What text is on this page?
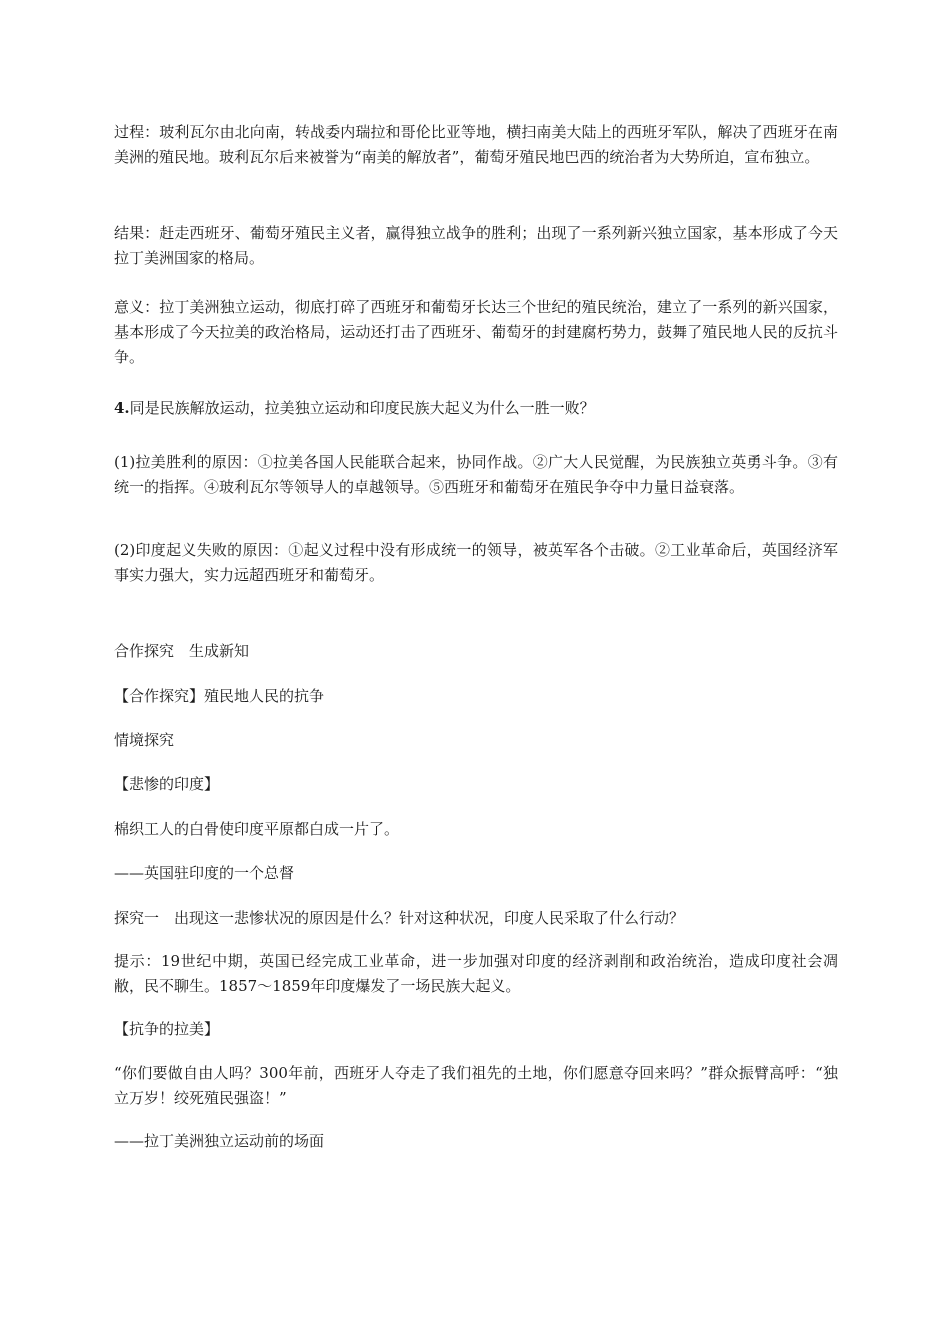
过程：玻利瓦尔由北向南，转战委内瑞拉和哥伦比亚等地，横扫南美大陆上的西班牙军队，解决了西班牙在南美洲的殖民地。玻利瓦尔后来被誉为“南美的解放者”，葡萄牙殖民地巴西的统治者为大势所迫，宣布独立。

结果：赶走西班牙、葡萄牙殖民主义者，赢得独立战争的胜利；出现了一系列新兴独立国家，基本形成了今天拉丁美洲国家的格局。

意义：拉丁美洲独立运动，彻底打碎了西班牙和葡萄牙长达三个世纪的殖民统治，建立了一系列的新兴国家，基本形成了今天拉美的政治格局，运动还打击了西班牙、葡萄牙的封建腐朽势力，鼓舞了殖民地人民的反抗斗争。

4.同是民族解放运动，拉美独立运动和印度民族大起义为什么一胜一败？

(1)拉美胜利的原因：①拉美各国人民能联合起来，协同作战。②广大人民觉醒，为民族独立英勇斗争。③有统一的指挥。④玻利瓦尔等领导人的卓越领导。⑤西班牙和葡萄牙在殖民争夺中力量日益衰落。

(2)印度起义失败的原因：①起义过程中没有形成统一的领导，被英军各个击破。②工业革命后，英国经济军事实力强大，实力远超西班牙和葡萄牙。

合作探究　生成新知

【合作探究】殖民地人民的抗争

情境探究

【悲惨的印度】

棉织工人的白骨使印度平原都白成一片了。

——英国驻印度的一个总督

探究一　出现这一悲惨状况的原因是什么？针对这种状况，印度人民采取了什么行动？

提示：19世纪中期，英国已经完成工业革命，进一步加强对印度的经济剥削和政治统治，造成印度社会凋敝，民不聊生。1857～1859年印度爆发了一场民族大起义。

【抗争的拉美】

“你们要做自由人吗？300年前，西班牙人夺走了我们祖先的土地，你们愿意夺回来吗？”群众振臂高呼：“独立万岁！绞死殖民强盗！”

——拉丁美洲独立运动前的场面
